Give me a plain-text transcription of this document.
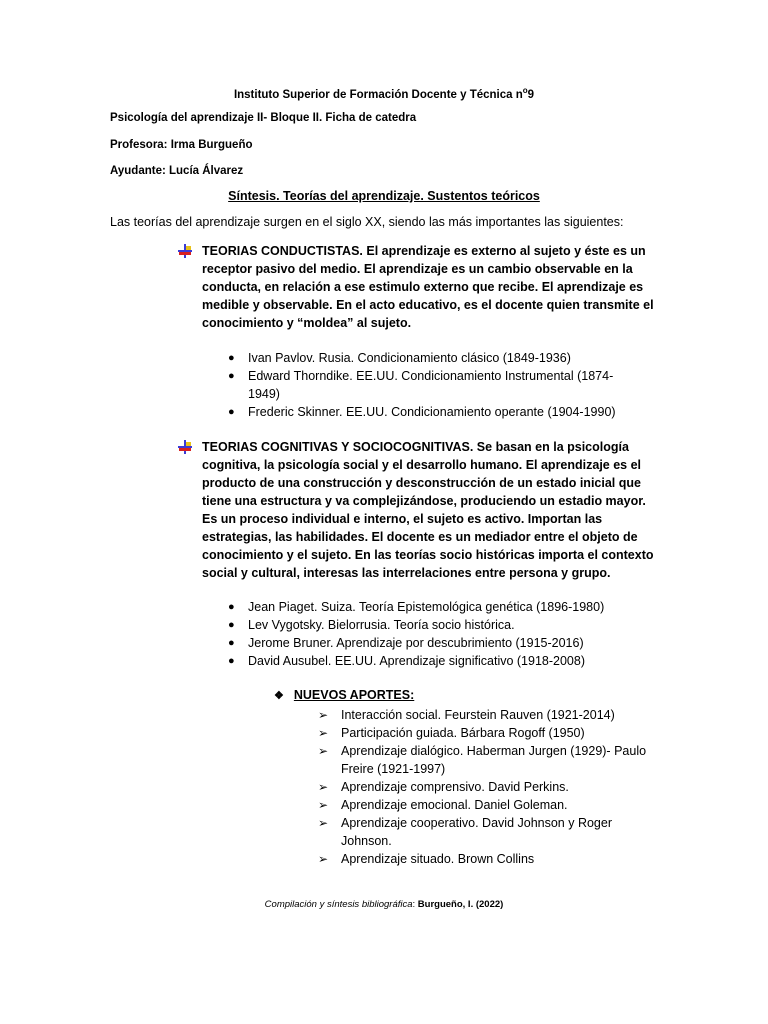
Instituto Superior de Formación Docente y Técnica $n^o9$
Psicología del aprendizaje II- Bloque II. Ficha de catedra
Profesora: Irma Burgueño
Ayudante: Lucía Álvarez
Síntesis. Teorías del aprendizaje. Sustentos teóricos
Las teorías del aprendizaje surgen en el siglo XX, siendo las más importantes las siguientes:
TEORIAS CONDUCTISTAS. El aprendizaje es externo al sujeto y éste es un receptor pasivo del medio. El aprendizaje es un cambio observable en la conducta, en relación a ese estimulo externo que recibe. El aprendizaje es medible y observable. En el acto educativo, es el docente quien transmite el conocimiento y “moldea” al sujeto.
● Ivan Pavlov. Rusia. Condicionamiento clásico (1849-1936)
● Edward Thorndike. EE.UU. Condicionamiento Instrumental (1874-1949)
● Frederic Skinner. EE.UU. Condicionamiento operante (1904-1990)
TEORIAS COGNITIVAS Y SOCIOCOGNITIVAS. Se basan en la psicología cognitiva, la psicología social y el desarrollo humano. El aprendizaje es el producto de una construcción y desconstrucción de un estado inicial que tiene una estructura y va complejizándose, produciendo un estadio mayor. Es un proceso individual e interno, el sujeto es activo. Importan las estrategias, las habilidades. El docente es un mediador entre el objeto de conocimiento y el sujeto. En las teorías socio históricas importa el contexto social y cultural, interesas las interrelaciones entre persona y grupo.
● Jean Piaget. Suiza. Teoría Epistemológica genética (1896-1980)
● Lev Vygotsky. Bielorrusia. Teoría socio histórica.
● Jerome Bruner. Aprendizaje por descubrimiento (1915-2016)
● David Ausubel. EE.UU. Aprendizaje significativo (1918-2008)
❖ NUEVOS APORTES:
➢ Interacción social. Feurstein Rauven (1921-2014)
➢ Participación guiada. Bárbara Rogoff (1950)
➢ Aprendizaje dialógico. Haberman Jurgen (1929)- Paulo Freire (1921-1997)
➢ Aprendizaje comprensivo. David Perkins.
➢ Aprendizaje emocional. Daniel Goleman.
➢ Aprendizaje cooperativo. David Johnson y Roger Johnson.
➢ Aprendizaje situado. Brown Collins
Compilación y síntesis bibliográfica: Burgueño, I. (2022)
